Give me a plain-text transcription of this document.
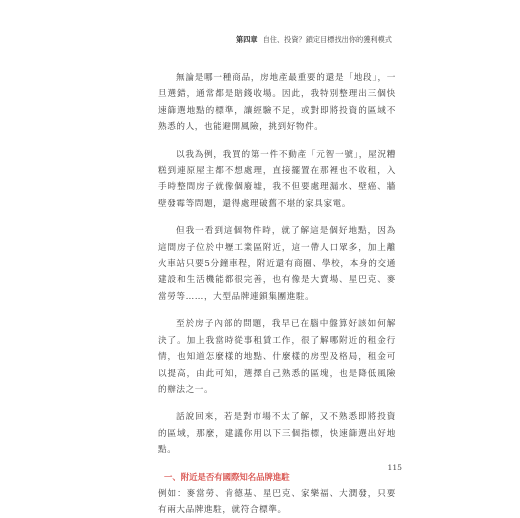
第四章 自住、投資？鎖定目標找出你的獲利模式

無論是哪一種商品，房地產最重要的還是「地段」，一旦選錯，通常都是賠錢收場。因此，我特別整理出三個快速篩選地點的標準，讓經驗不足，或對即將投資的區域不熟悉的人，也能避開風險，挑到好物件。

以我為例，我買的第一件不動產「元智一號」，屋況糟糕到連原屋主都不想處理，直接擺置在那裡也不收租，入手時整間房子就像個廢墟，我不但要處理漏水、壁癌、牆壁發霉等問題，還得處理破舊不堪的家具家電。

但我一看到這個物件時，就了解這是個好地點，因為這間房子位於中壢工業區附近，這一帶人口眾多，加上離火車站只要5分鐘車程，附近還有商圈、學校，本身的交通建設和生活機能都很完善，也有像是大賣場、星巴克、麥當勞等……，大型品牌連鎖集團進駐。

至於房子內部的問題，我早已在腦中盤算好該如何解決了。加上我當時從事租賃工作，很了解哪附近的租金行情，也知道怎麼樣的地點、什麼樣的房型及格局，租金可以提高，由此可知，選擇自己熟悉的區塊，也是降低風險的辦法之一。

話說回來，若是對市場不太了解，又不熟悉即將投資的區域，那麼，建議你用以下三個指標，快速篩選出好地點。

一、附近是否有國際知名品牌進駐
例如：麥當勞、肯德基、星巴克、家樂福、大潤發，只要有兩大品牌進駐，就符合標準。
115
